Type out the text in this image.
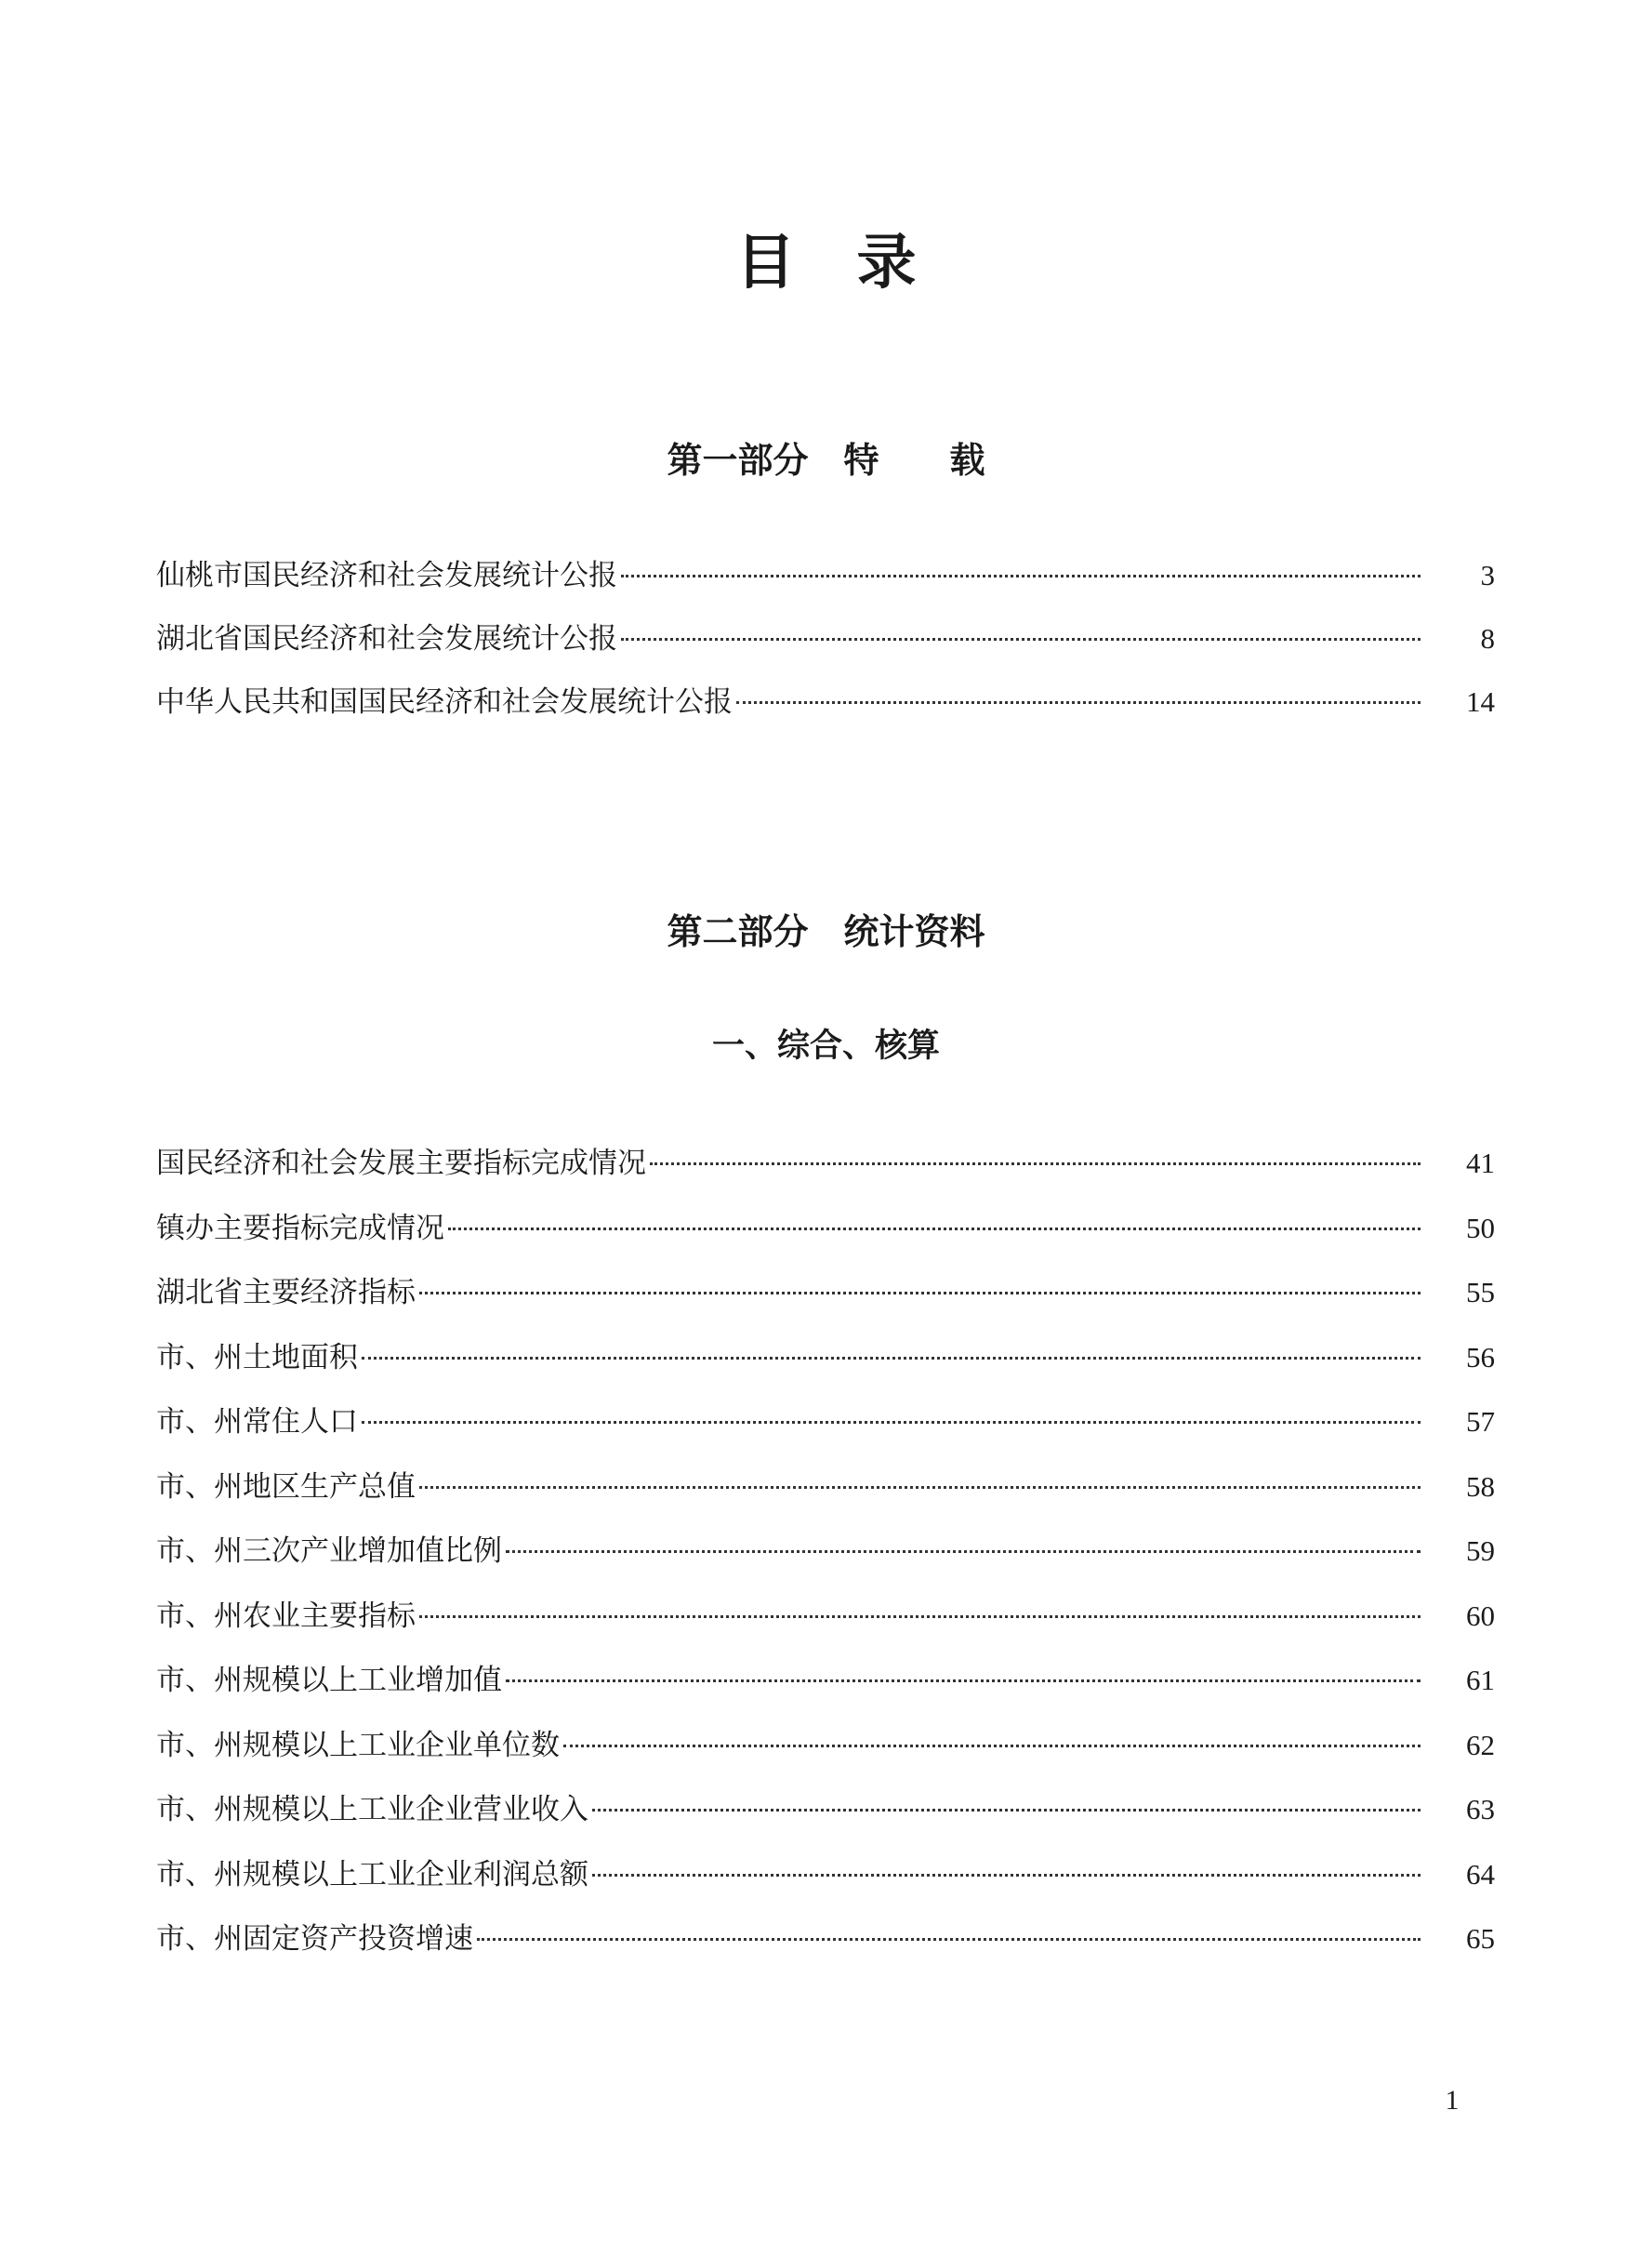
目 录
第一部分　特　　载
仙桃市国民经济和社会发展统计公报	3
湖北省国民经济和社会发展统计公报	8
中华人民共和国国民经济和社会发展统计公报	14
第二部分　统计资料
一、综合、核算
国民经济和社会发展主要指标完成情况	41
镇办主要指标完成情况	50
湖北省主要经济指标	55
市、州土地面积	56
市、州常住人口	57
市、州地区生产总值	58
市、州三次产业增加值比例	59
市、州农业主要指标	60
市、州规模以上工业增加值	61
市、州规模以上工业企业单位数	62
市、州规模以上工业企业营业收入	63
市、州规模以上工业企业利润总额	64
市、州固定资产投资增速	65
1
